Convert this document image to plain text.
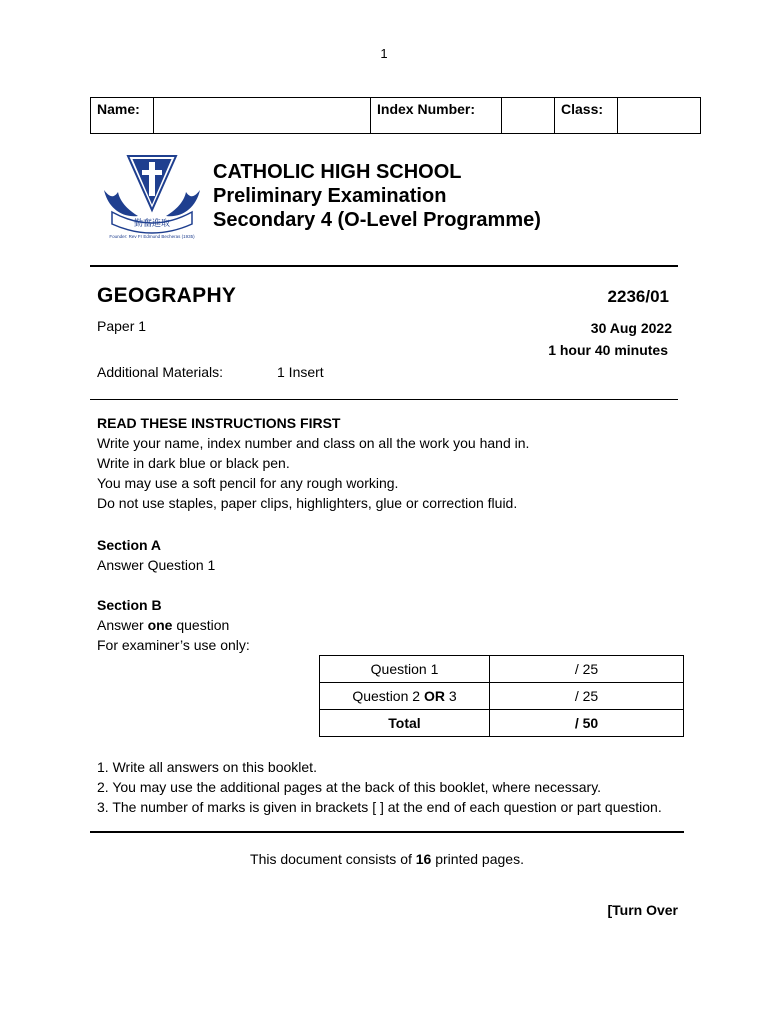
1
Name:		Index Number:		Class:	
勤奮進取
Founder: Rev Fr Edmund Becheras (1935)
CATHOLIC HIGH SCHOOL
Preliminary Examination
Secondary 4 (O-Level Programme)
GEOGRAPHY	2236/01
Paper 1	30 Aug 2022
1 hour 40 minutes
Additional Materials:	1 Insert
READ THESE INSTRUCTIONS FIRST
Write your name, index number and class on all the work you hand in.
Write in dark blue or black pen.
You may use a soft pencil for any rough working.
Do not use staples, paper clips, highlighters, glue or correction fluid.
Section A
Answer Question 1
Section B
Answer one question
For examiner’s use only:
Question 1	/ 25
Question 2 OR 3	/ 25
Total	/ 50
1. Write all answers on this booklet.
2. You may use the additional pages at the back of this booklet, where necessary.
3. The number of marks is given in brackets [ ] at the end of each question or part question.
This document consists of 16 printed pages.
[Turn Over
